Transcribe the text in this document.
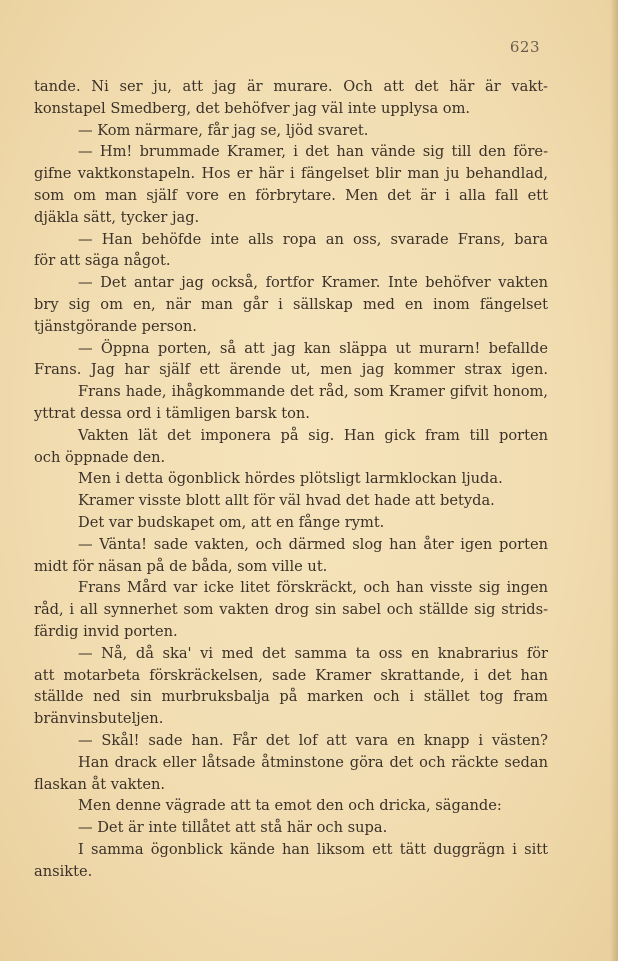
623
tande. Ni ser ju, att jag är murare. Och att det här är vakt-
konstapel Smedberg, det behöfver jag väl inte upplysa om.
— Kom närmare, får jag se, ljöd svaret.
— Hm! brummade Kramer, i det han vände sig till den före-
gifne vaktkonstapeln. Hos er här i fängelset blir man ju behandlad,
som om man själf vore en förbrytare. Men det är i alla fall ett
djäkla sätt, tycker jag.
— Han behöfde inte alls ropa an oss, svarade Frans, bara
för att säga något.
— Det antar jag också, fortfor Kramer. Inte behöfver vakten
bry sig om en, när man går i sällskap med en inom fängelset
tjänstgörande person.
— Öppna porten, så att jag kan släppa ut murarn! befallde
Frans. Jag har själf ett ärende ut, men jag kommer strax igen.
Frans hade, ihågkommande det råd, som Kramer gifvit honom,
yttrat dessa ord i tämligen barsk ton.
Vakten lät det imponera på sig. Han gick fram till porten
och öppnade den.
Men i detta ögonblick hördes plötsligt larmklockan ljuda.
Kramer visste blott allt för väl hvad det hade att betyda.
Det var budskapet om, att en fånge rymt.
— Vänta! sade vakten, och därmed slog han åter igen porten
midt för näsan på de båda, som ville ut.
Frans Mård var icke litet förskräckt, och han visste sig ingen
råd, i all synnerhet som vakten drog sin sabel och ställde sig strids-
färdig invid porten.
— Nå, då ska' vi med det samma ta oss en knabrarius för
att motarbeta förskräckelsen, sade Kramer skrattande, i det han
ställde ned sin murbruksbalja på marken och i stället tog fram
bränvinsbuteljen.
— Skål! sade han. Får det lof att vara en knapp i västen?
Han drack eller låtsade åtminstone göra det och räckte sedan
flaskan åt vakten.
Men denne vägrade att ta emot den och dricka, sägande:
— Det är inte tillåtet att stå här och supa.
I samma ögonblick kände han liksom ett tätt duggrägn i sitt
ansikte.
